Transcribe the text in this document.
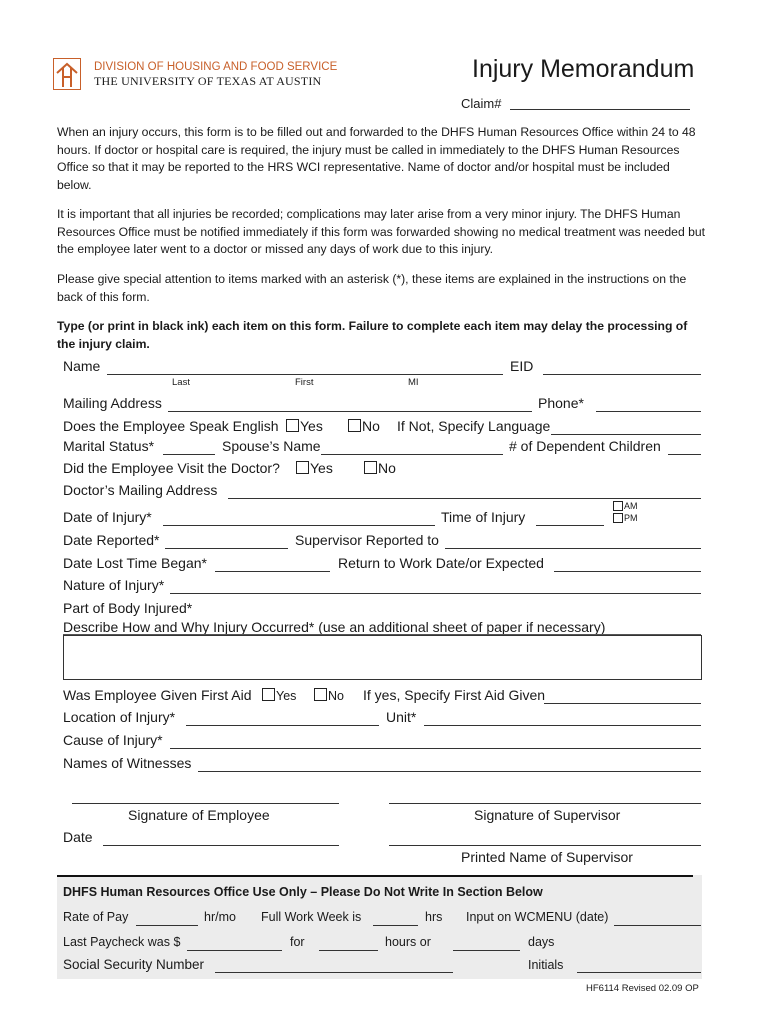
DIVISION OF HOUSING AND FOOD SERVICE
THE UNIVERSITY OF TEXAS AT AUSTIN	Injury Memorandum
Claim#
When an injury occurs, this form is to be filled out and forwarded to the DHFS Human Resources Office within 24 to 48 hours. If doctor or hospital care is required, the injury must be called in immediately to the DHFS Human Resources Office so that it may be reported to the HRS WCI representative. Name of doctor and/or hospital must be included below.
It is important that all injuries be recorded; complications may later arise from a very minor injury. The DHFS Human Resources Office must be notified immediately if this form was forwarded showing no medical treatment was needed but the employee later went to a doctor or missed any days of work due to this injury.
Please give special attention to items marked with an asterisk (*), these items are explained in the instructions on the back of this form.
Type (or print in black ink) each item on this form. Failure to complete each item may delay the processing of the injury claim.
Name
Last	First	MI
EID
Mailing Address	Phone*
Does the Employee Speak English Yes	No If Not, Specify Language
Marital Status*	Spouse’s Name	# of Dependent Children
Did the Employee Visit the Doctor? Yes	No
Doctor’s Mailing Address
Date of Injury*	Time of Injury
AM
PM
Date Reported*	Supervisor Reported to
Date Lost Time Began*	Return to Work Date/or Expected
Nature of Injury*
Part of Body Injured*
Describe How and Why Injury Occurred* (use an additional sheet of paper if necessary)
Was Employee Given First Aid Yes	No If yes, Specify First Aid Given
Location of Injury*	Unit*
Cause of Injury*
Names of Witnesses
Signature of Employee	Signature of Supervisor
Date
Printed Name of Supervisor
DHFS Human Resources Office Use Only – Please Do Not Write In Section Below
Rate of Pay	hr/mo Full Work Week is	hrs Input on WCMENU (date)
Last Paycheck was $	for	hours or	days
Social Security Number	Initials
HF6114 Revised 02.09 OP
